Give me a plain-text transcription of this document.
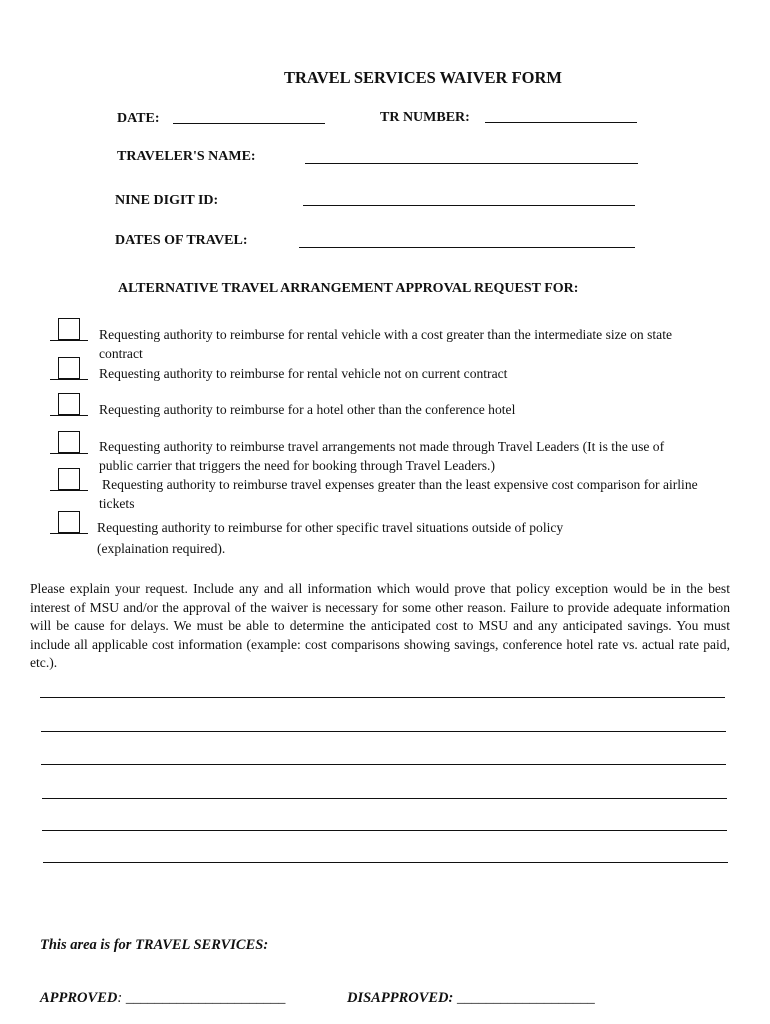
TRAVEL SERVICES WAIVER FORM
DATE:	TR NUMBER:
TRAVELER'S NAME:
NINE DIGIT ID:
DATES OF TRAVEL:
ALTERNATIVE TRAVEL ARRANGEMENT APPROVAL REQUEST FOR:
Requesting authority to reimburse for rental vehicle with a cost greater than the intermediate size on state contract
Requesting authority to reimburse for rental vehicle not on current contract
Requesting authority to reimburse for a hotel other than the conference hotel
Requesting authority to reimburse travel arrangements not made through Travel Leaders (It is the use of public carrier that triggers the need for booking through Travel Leaders.)
Requesting authority to reimburse travel expenses greater than the least expensive cost comparison for airline tickets
Requesting authority to reimburse for other specific travel situations outside of policy (explaination required).
Please explain your request. Include any and all information which would prove that policy exception would be in the best interest of MSU and/or the approval of the waiver is necessary for some other reason. Failure to provide adequate information will be cause for delays. We must be able to determine the anticipated cost to MSU and any anticipated savings. You must include all applicable cost information (example: cost comparisons showing savings, conference hotel rate vs. actual rate paid, etc.).
This area is for TRAVEL SERVICES:
APPROVED: ______________________	DISAPPROVED: ___________________
